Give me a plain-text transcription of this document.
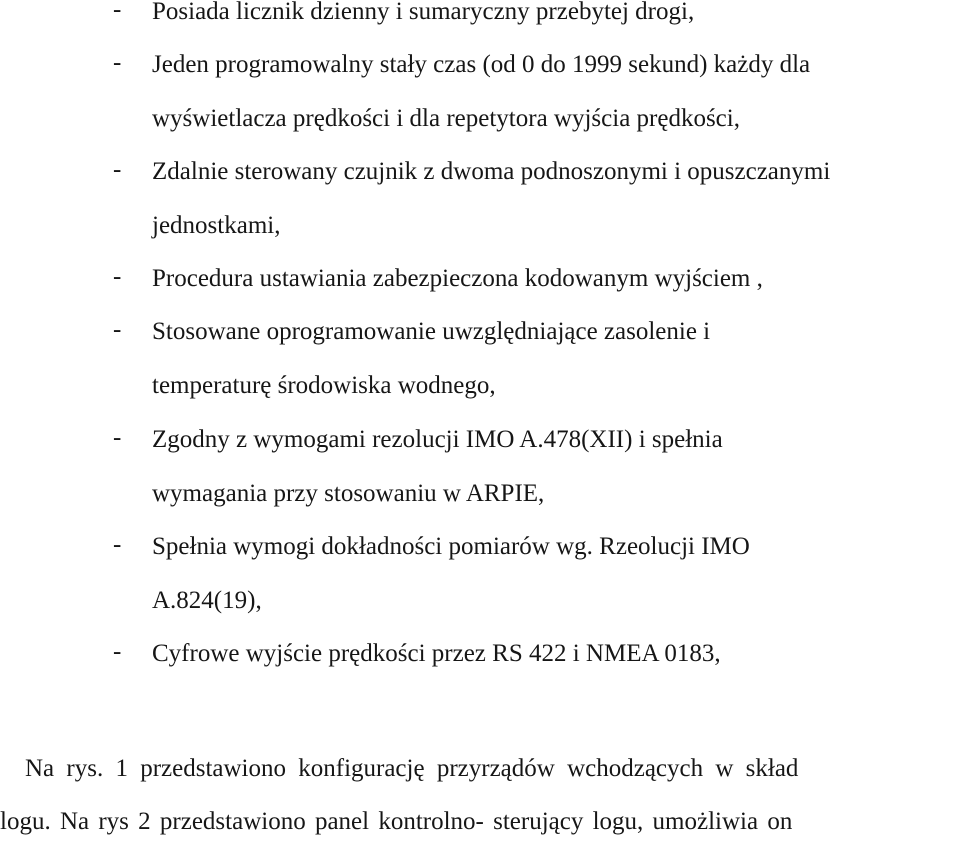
- Posiada licznik dzienny i sumaryczny przebytej drogi,
- Jeden programowalny stały czas (od 0 do 1999 sekund) każdy dla
wyświetlacza prędkości i dla repetytora wyjścia prędkości,
- Zdalnie sterowany czujnik z dwoma podnoszonymi i opuszczanymi
jednostkami,
- Procedura ustawiania zabezpieczona kodowanym wyjściem ,
- Stosowane oprogramowanie uwzględniające zasolenie i
temperaturę środowiska wodnego,
- Zgodny z wymogami rezolucji IMO A.478(XII) i spełnia
wymagania przy stosowaniu w ARPIE,
- Spełnia wymogi dokładności pomiarów wg. Rzeolucji IMO
A.824(19),
- Cyfrowe wyjście prędkości przez RS 422 i NMEA 0183,
Na rys. 1 przedstawiono konfigurację przyrządów wchodzących w skład
logu. Na rys 2 przedstawiono panel kontrolno- sterujący logu, umożliwia on
